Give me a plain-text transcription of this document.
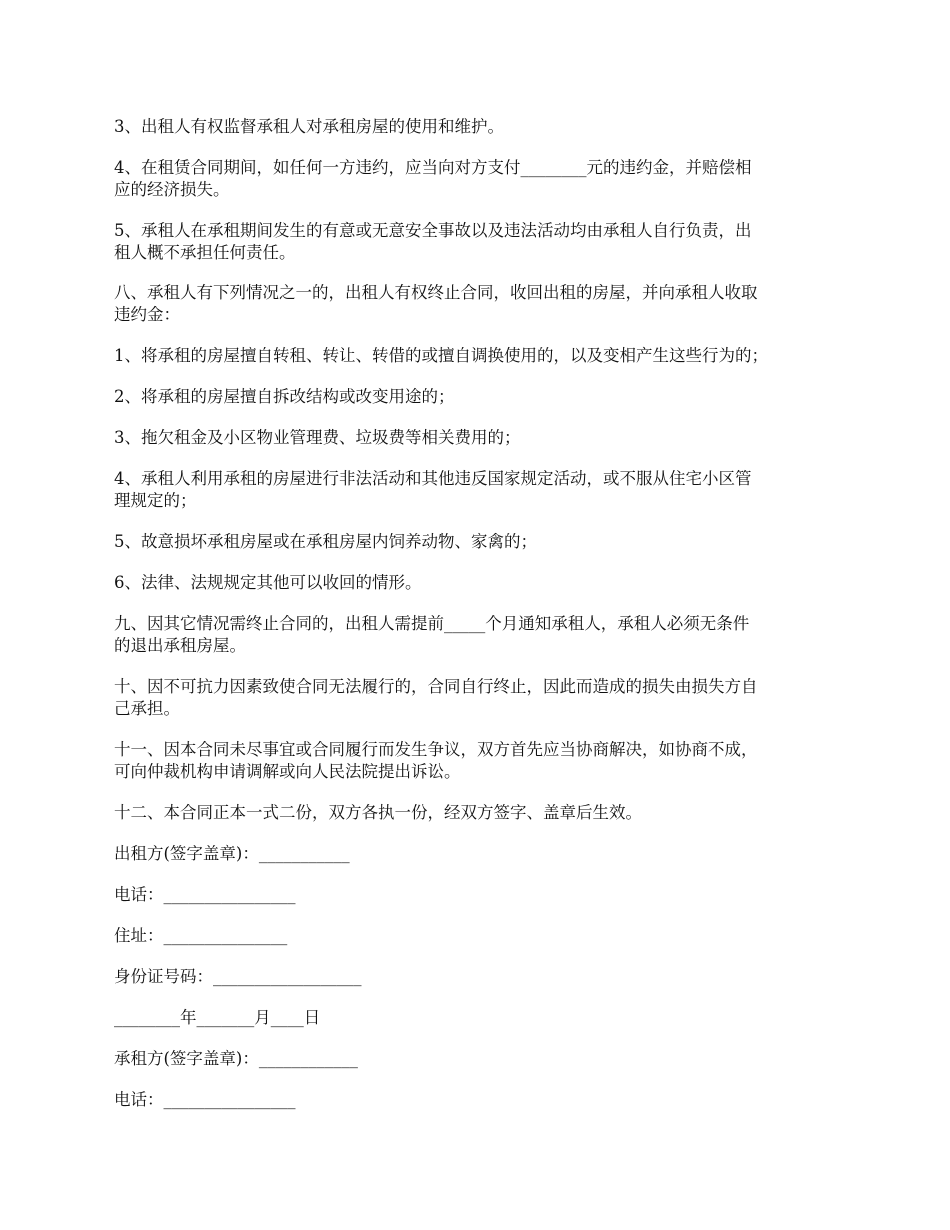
3、出租人有权监督承租人对承租房屋的使用和维护。
4、在租赁合同期间，如任何一方违约，应当向对方支付________元的违约金，并赔偿相
应的经济损失。
5、承租人在承租期间发生的有意或无意安全事故以及违法活动均由承租人自行负责，出
租人概不承担任何责任。
八、承租人有下列情况之一的，出租人有权终止合同，收回出租的房屋，并向承租人收取
违约金：
1、将承租的房屋擅自转租、转让、转借的或擅自调换使用的，以及变相产生这些行为的；
2、将承租的房屋擅自拆改结构或改变用途的；
3、拖欠租金及小区物业管理费、垃圾费等相关费用的；
4、承租人利用承租的房屋进行非法活动和其他违反国家规定活动，或不服从住宅小区管
理规定的；
5、故意损坏承租房屋或在承租房屋内饲养动物、家禽的；
6、法律、法规规定其他可以收回的情形。
九、因其它情况需终止合同的，出租人需提前_____个月通知承租人，承租人必须无条件
的退出承租房屋。
十、因不可抗力因素致使合同无法履行的，合同自行终止，因此而造成的损失由损失方自
己承担。
十一、因本合同未尽事宜或合同履行而发生争议，双方首先应当协商解决，如协商不成，
可向仲裁机构申请调解或向人民法院提出诉讼。
十二、本合同正本一式二份，双方各执一份，经双方签字、盖章后生效。
出租方(签字盖章)：___________
电话：________________
住址：_______________
身份证号码：__________________
________年_______月____日
承租方(签字盖章)：____________
电话：________________
